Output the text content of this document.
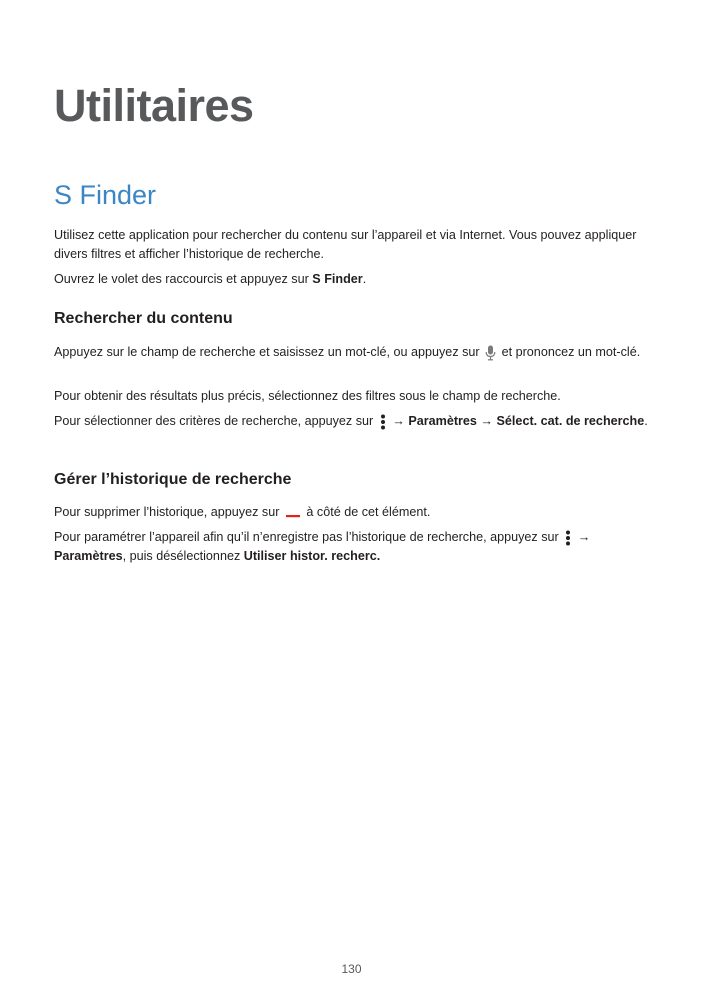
Utilitaires
S Finder

Utilisez cette application pour rechercher du contenu sur l’appareil et via Internet. Vous pouvez appliquer divers filtres et afficher l’historique de recherche.

Ouvrez le volet des raccourcis et appuyez sur S Finder.

Rechercher du contenu

Appuyez sur le champ de recherche et saisissez un mot-clé, ou appuyez sur  et prononcez un mot-clé.

Pour obtenir des résultats plus précis, sélectionnez des filtres sous le champ de recherche.

Pour sélectionner des critères de recherche, appuyez sur  → Paramètres → Sélect. cat. de recherche.

Gérer l’historique de recherche

Pour supprimer l’historique, appuyez sur  à côté de cet élément.

Pour paramétrer l’appareil afin qu’il n’enregistre pas l’historique de recherche, appuyez sur  → Paramètres, puis désélectionnez Utiliser histor. recherc.

130
